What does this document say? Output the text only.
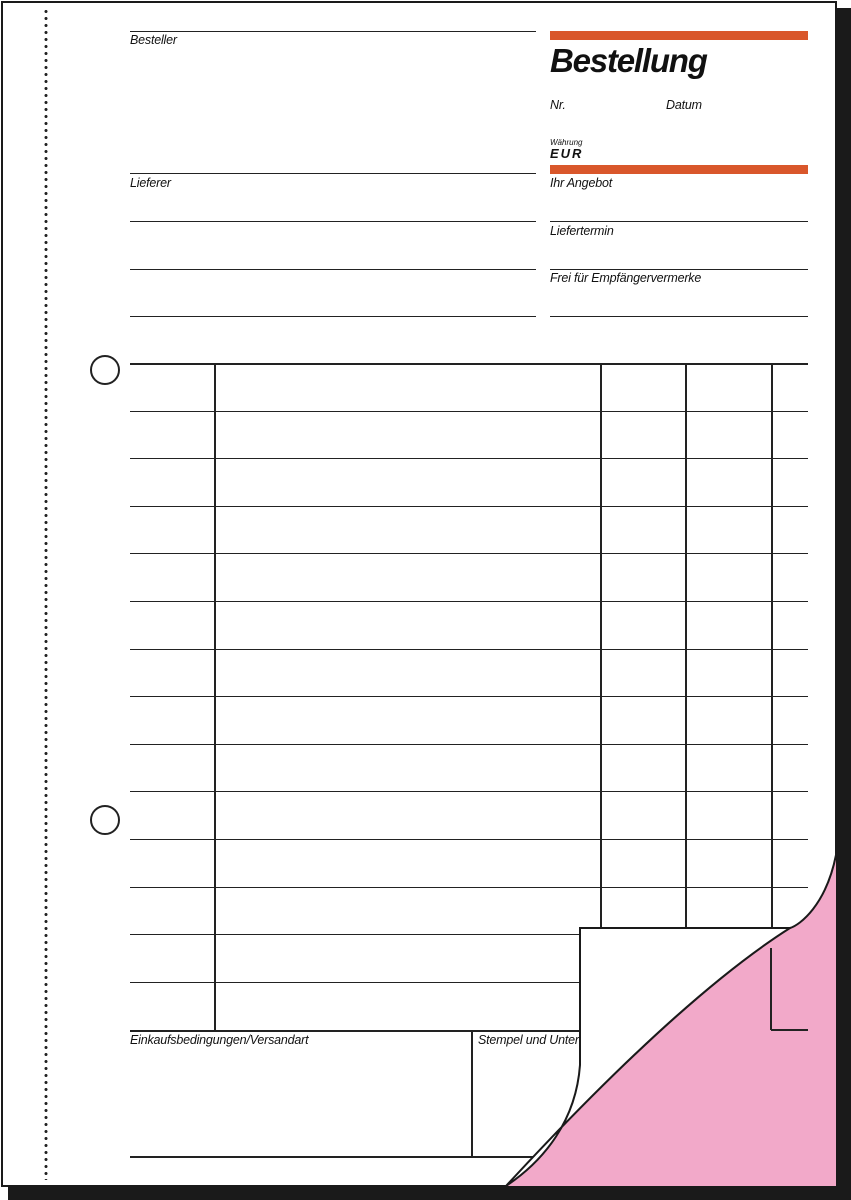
Besteller
Lieferer
Bestellung
Nr.	Datum
Währung
EUR
Ihr Angebot
Liefertermin
Frei für Empfängervermerke
Einkaufsbedingungen/Versandart	Stempel und Unter
